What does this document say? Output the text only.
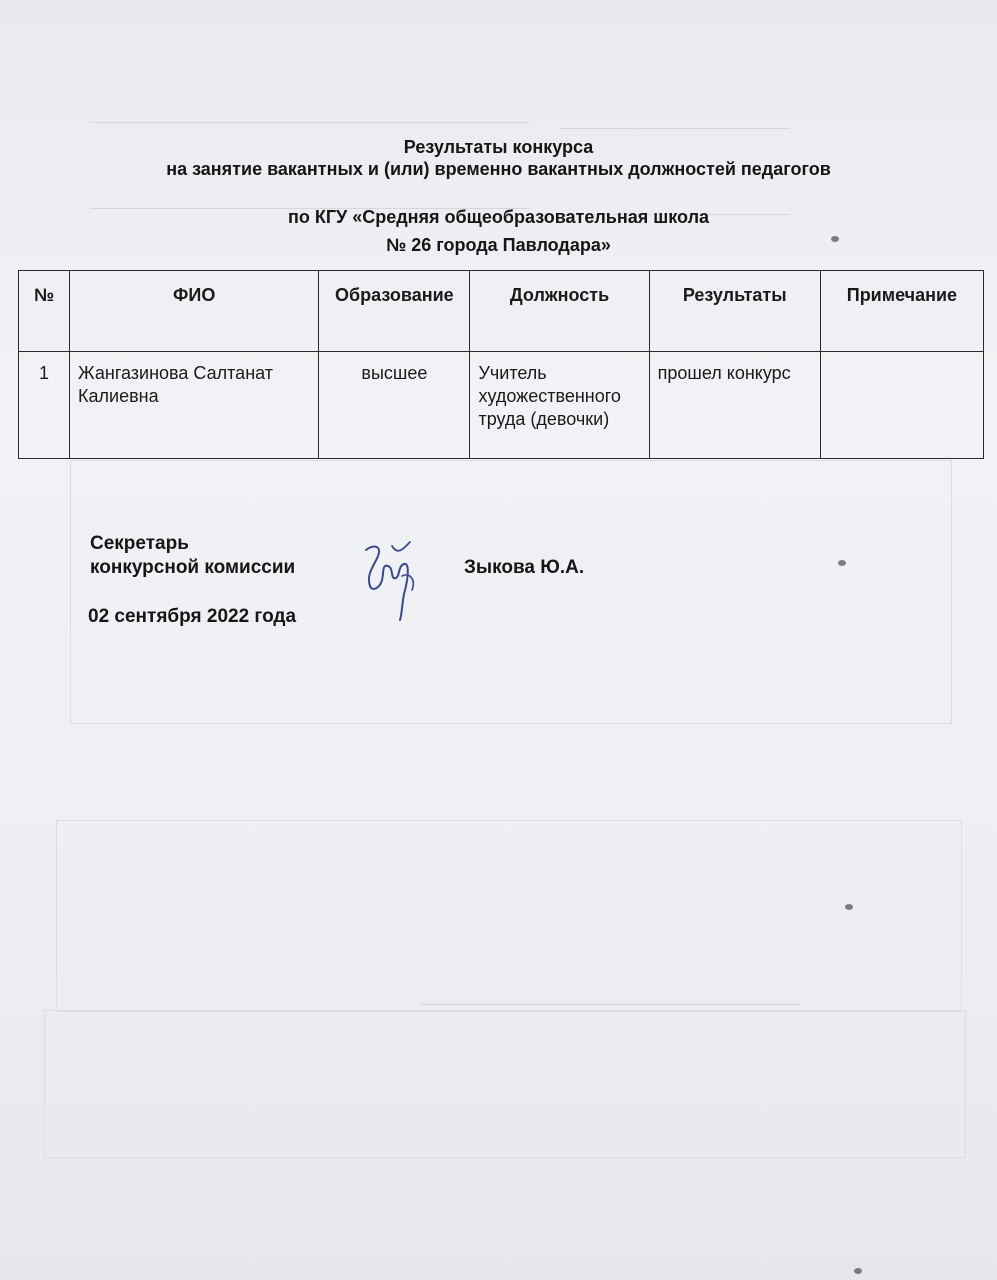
Результаты конкурса
на занятие вакантных и (или) временно вакантных должностей педагогов
по КГУ «Средняя общеобразовательная школа
№ 26 города Павлодара»
№	ФИО	Образование	Должность	Результаты	Примечание
1	Жангазинова Салтанат Калиевна	высшее	Учитель художественного труда (девочки)	прошел конкурс	
Секретарь
конкурсной комиссии	Зыкова Ю.А.
02 сентября 2022 года
